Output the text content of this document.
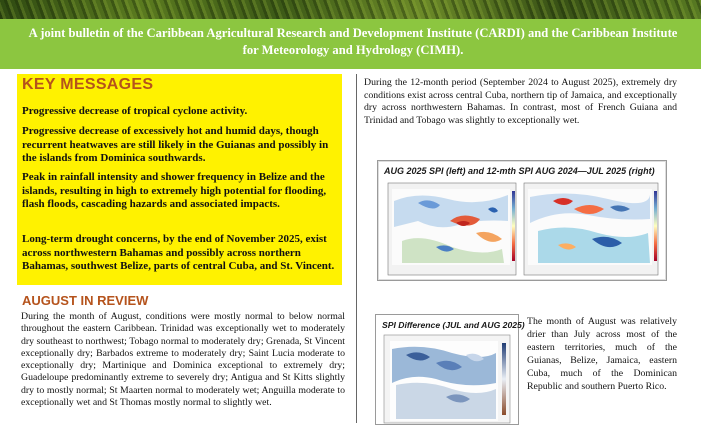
A joint bulletin of the Caribbean Agricultural Research and Development Institute (CARDI) and the Caribbean Institute for Meteorology and Hydrology (CIMH).
KEY MESSAGES
Progressive decrease of tropical cyclone activity.
Progressive decrease of excessively hot and humid days, though recurrent heatwaves are still likely in the Guianas and possibly in the islands from Dominica southwards.
Peak in rainfall intensity and shower frequency in Belize and the islands, resulting in high to extremely high potential for flooding, flash floods, cascading hazards and associated impacts.
Long-term drought concerns, by the end of November 2025, exist across northwestern Bahamas and possibly across northern Bahamas, southwest Belize, parts of central Cuba, and St. Vincent.
AUGUST IN REVIEW
During the month of August, conditions were mostly normal to below normal throughout the eastern Caribbean. Trinidad was exceptionally wet to moderately dry southeast to northwest; Tobago normal to moderately dry; Grenada, St Vincent exceptionally dry; Barbados extreme to moderately dry; Saint Lucia moderate to exceptionally dry; Martinique and Dominica exceptional to extremely dry; Guadeloupe predominantly extreme to severely dry; Antigua and St Kitts slightly dry to mostly normal; St Maarten normal to moderately wet; Anguilla moderate to exceptionally wet and St Thomas mostly normal to slightly wet.
During the 12-month period (September 2024 to August 2025), extremely dry conditions exist across central Cuba, northern tip of Jamaica, and exceptionally dry across northwestern Bahamas. In contrast, most of French Guiana and Trinidad and Tobago was slightly to exceptionally wet.
AUG 2025 SPI (left) and 12-mth SPI AUG 2024—JUL 2025 (right)
SPI Difference (JUL and AUG 2025) The month of August was relatively drier than July across most of the eastern territories, much of the Guianas, Belize, Jamaica, eastern Cuba, much of the Dominican Republic and southern Puerto Rico.
